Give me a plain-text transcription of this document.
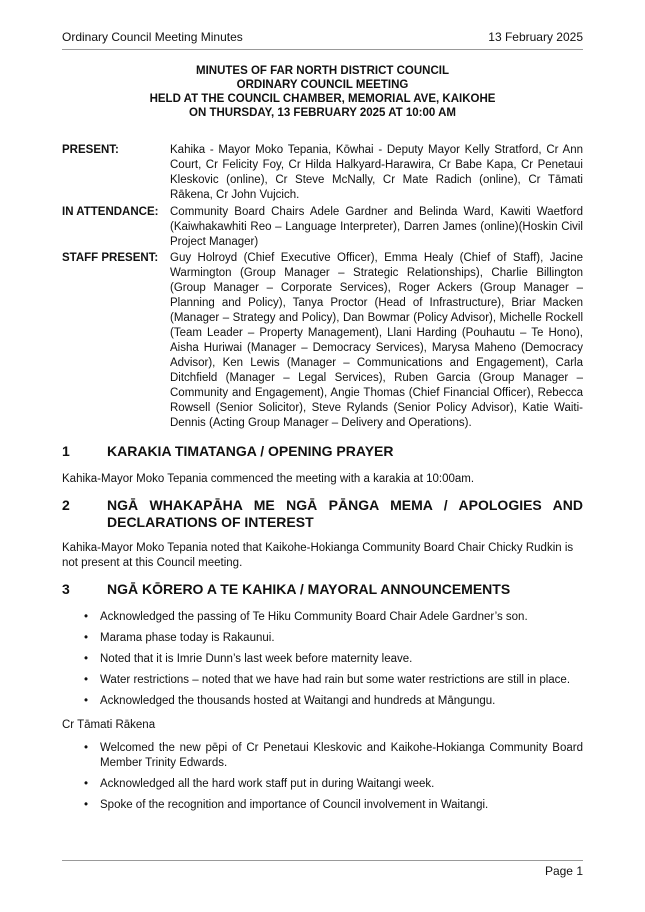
Ordinary Council Meeting Minutes	13 February 2025
MINUTES OF FAR NORTH DISTRICT COUNCIL
ORDINARY COUNCIL MEETING
HELD AT THE COUNCIL CHAMBER, MEMORIAL AVE, KAIKOHE
ON THURSDAY, 13 FEBRUARY 2025 AT 10:00 AM
PRESENT:	Kahika - Mayor Moko Tepania, Kōwhai - Deputy Mayor Kelly Stratford, Cr Ann Court, Cr Felicity Foy, Cr Hilda Halkyard-Harawira, Cr Babe Kapa, Cr Penetaui Kleskovic (online), Cr Steve McNally, Cr Mate Radich (online), Cr Tāmati Rākena, Cr John Vujcich.
IN ATTENDANCE: Community Board Chairs Adele Gardner and Belinda Ward, Kawiti Waetford (Kaiwhakawhiti Reo – Language Interpreter), Darren James (online)(Hoskin Civil Project Manager)
STAFF PRESENT: Guy Holroyd (Chief Executive Officer), Emma Healy (Chief of Staff), Jacine Warmington (Group Manager – Strategic Relationships), Charlie Billington (Group Manager – Corporate Services), Roger Ackers (Group Manager – Planning and Policy), Tanya Proctor (Head of Infrastructure), Briar Macken (Manager – Strategy and Policy), Dan Bowmar (Policy Advisor), Michelle Rockell (Team Leader – Property Management), Llani Harding (Pouhautu – Te Hono), Aisha Huriwai (Manager – Democracy Services), Marysa Maheno (Democracy Advisor), Ken Lewis (Manager – Communications and Engagement), Carla Ditchfield (Manager – Legal Services), Ruben Garcia (Group Manager – Community and Engagement), Angie Thomas (Chief Financial Officer), Rebecca Rowsell (Senior Solicitor), Steve Rylands (Senior Policy Advisor), Katie Waiti-Dennis (Acting Group Manager – Delivery and Operations).
1	KARAKIA TIMATANGA / OPENING PRAYER
Kahika-Mayor Moko Tepania commenced the meeting with a karakia at 10:00am.
2	NGĀ WHAKAPĀHA ME NGĀ PĀNGA MEMA / APOLOGIES AND
DECLARATIONS OF INTEREST
Kahika-Mayor Moko Tepania noted that Kaikohe-Hokianga Community Board Chair Chicky Rudkin is not present at this Council meeting.
3	NGĀ KŌRERO A TE KAHIKA / MAYORAL ANNOUNCEMENTS
• Acknowledged the passing of Te Hiku Community Board Chair Adele Gardner’s son.
• Marama phase today is Rakaunui.
• Noted that it is Imrie Dunn’s last week before maternity leave.
• Water restrictions – noted that we have had rain but some water restrictions are still in place.
• Acknowledged the thousands hosted at Waitangi and hundreds at Māngungu.
Cr Tāmati Rākena
• Welcomed the new pēpi of Cr Penetaui Kleskovic and Kaikohe-Hokianga Community Board Member Trinity Edwards.
• Acknowledged all the hard work staff put in during Waitangi week.
• Spoke of the recognition and importance of Council involvement in Waitangi.
Page 1
